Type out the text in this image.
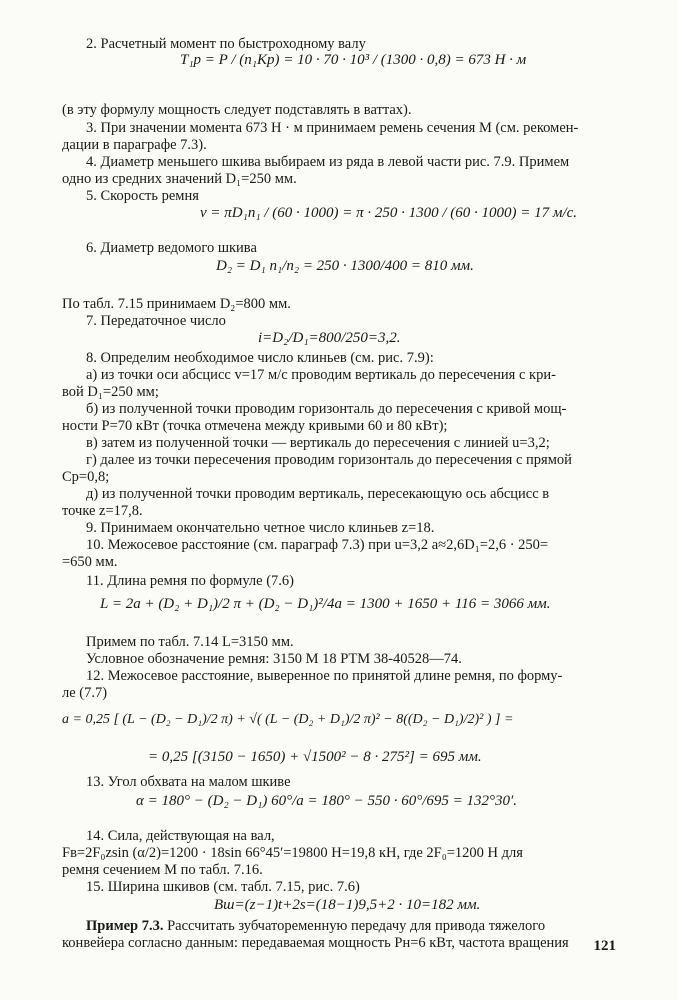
2. Расчетный момент по быстроходному валу
T₁р = P / (n₁Kр) = 10 · 70 · 10³ / (1300 · 0,8) = 673 Н · м
(в эту формулу мощность следует подставлять в ваттах).
3. При значении момента 673 Н · м принимаем ремень сечения М (см. рекомен-
дации в параграфе 7.3).
4. Диаметр меньшего шкива выбираем из ряда в левой части рис. 7.9. Примем
одно из средних значений D₁=250 мм.
5. Скорость ремня
v = πD₁n₁ / (60 · 1000) = π · 250 · 1300 / (60 · 1000) = 17 м/с.
6. Диаметр ведомого шкива
D₂ = D₁ n₁/n₂ = 250 · 1300/400 = 810 мм.
По табл. 7.15 принимаем D₂=800 мм.
7. Передаточное число
i=D₂/D₁=800/250=3,2.
8. Определим необходимое число клиньев (см. рис. 7.9):
а) из точки оси абсцисс v=17 м/с проводим вертикаль до пересечения с кри-
вой D₁=250 мм;
б) из полученной точки проводим горизонталь до пересечения с кривой мощ-
ности P=70 кВт (точка отмечена между кривыми 60 и 80 кВт);
в) затем из полученной точки — вертикаль до пересечения с линией u=3,2;
г) далее из точки пересечения проводим горизонталь до пересечения с прямой
Cр=0,8;
д) из полученной точки проводим вертикаль, пересекающую ось абсцисс в
точке z=17,8.
9. Принимаем окончательно четное число клиньев z=18.
10. Межосевое расстояние (см. параграф 7.3) при u=3,2 a≈2,6D₁=2,6 · 250=
=650 мм.
11. Длина ремня по формуле (7.6)
L = 2a + (D₂ + D₁)/2 π + (D₂ − D₁)²/4a = 1300 + 1650 + 116 = 3066 мм.
Примем по табл. 7.14 L=3150 мм.
Условное обозначение ремня: 3150 М 18 РТМ 38-40528—74.
12. Межосевое расстояние, выверенное по принятой длине ремня, по форму-
ле (7.7)
a = 0,25 [ (L − (D₂ − D₁)/2 π) + √( (L − (D₂ + D₁)/2 π)² − 8((D₂ − D₁)/2)² ) ] =
= 0,25 [(3150 − 1650) + √1500² − 8 · 275²] = 695 мм.
13. Угол обхвата на малом шкиве
α = 180° − (D₂ − D₁) 60°/a = 180° − 550 · 60°/695 = 132°30′.
14. Сила, действующая на вал,
Fв=2F₀zsin (α/2)=1200 · 18sin 66°45′=19800 Н=19,8 кН, где 2F₀=1200 Н для
ремня сечением М по табл. 7.16.
15. Ширина шкивов (см. табл. 7.15, рис. 7.6)
Bш=(z−1)t+2s=(18−1)9,5+2 · 10=182 мм.
Пример 7.3. Рассчитать зубчатоременную передачу для привода тяжелого
конвейера согласно данным: передаваемая мощность Pн=6 кВт, частота вращения	121
